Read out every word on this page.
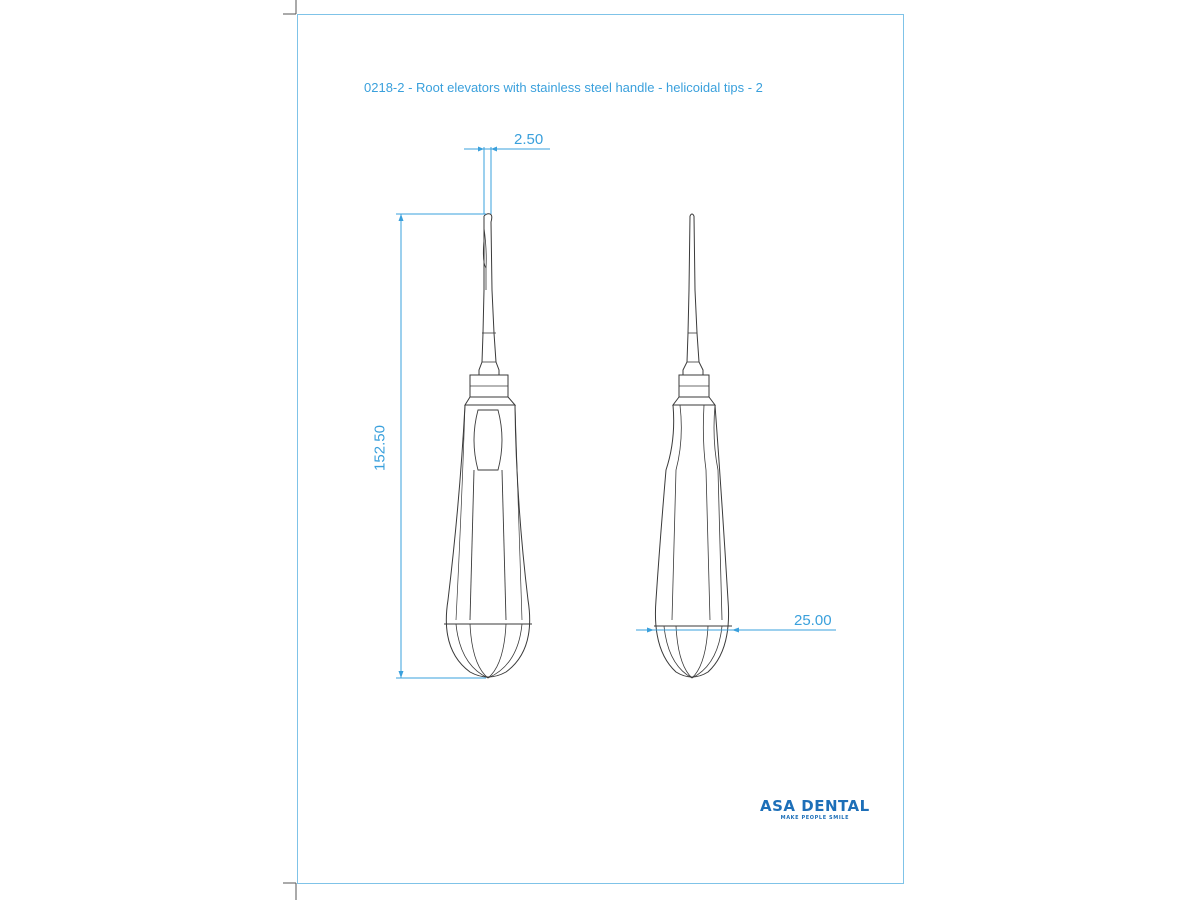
0218-2 - Root elevators with stainless steel handle - helicoidal tips - 2
2.50
152.50
25.00
ASA DENTAL
MAKE PEOPLE SMILE
